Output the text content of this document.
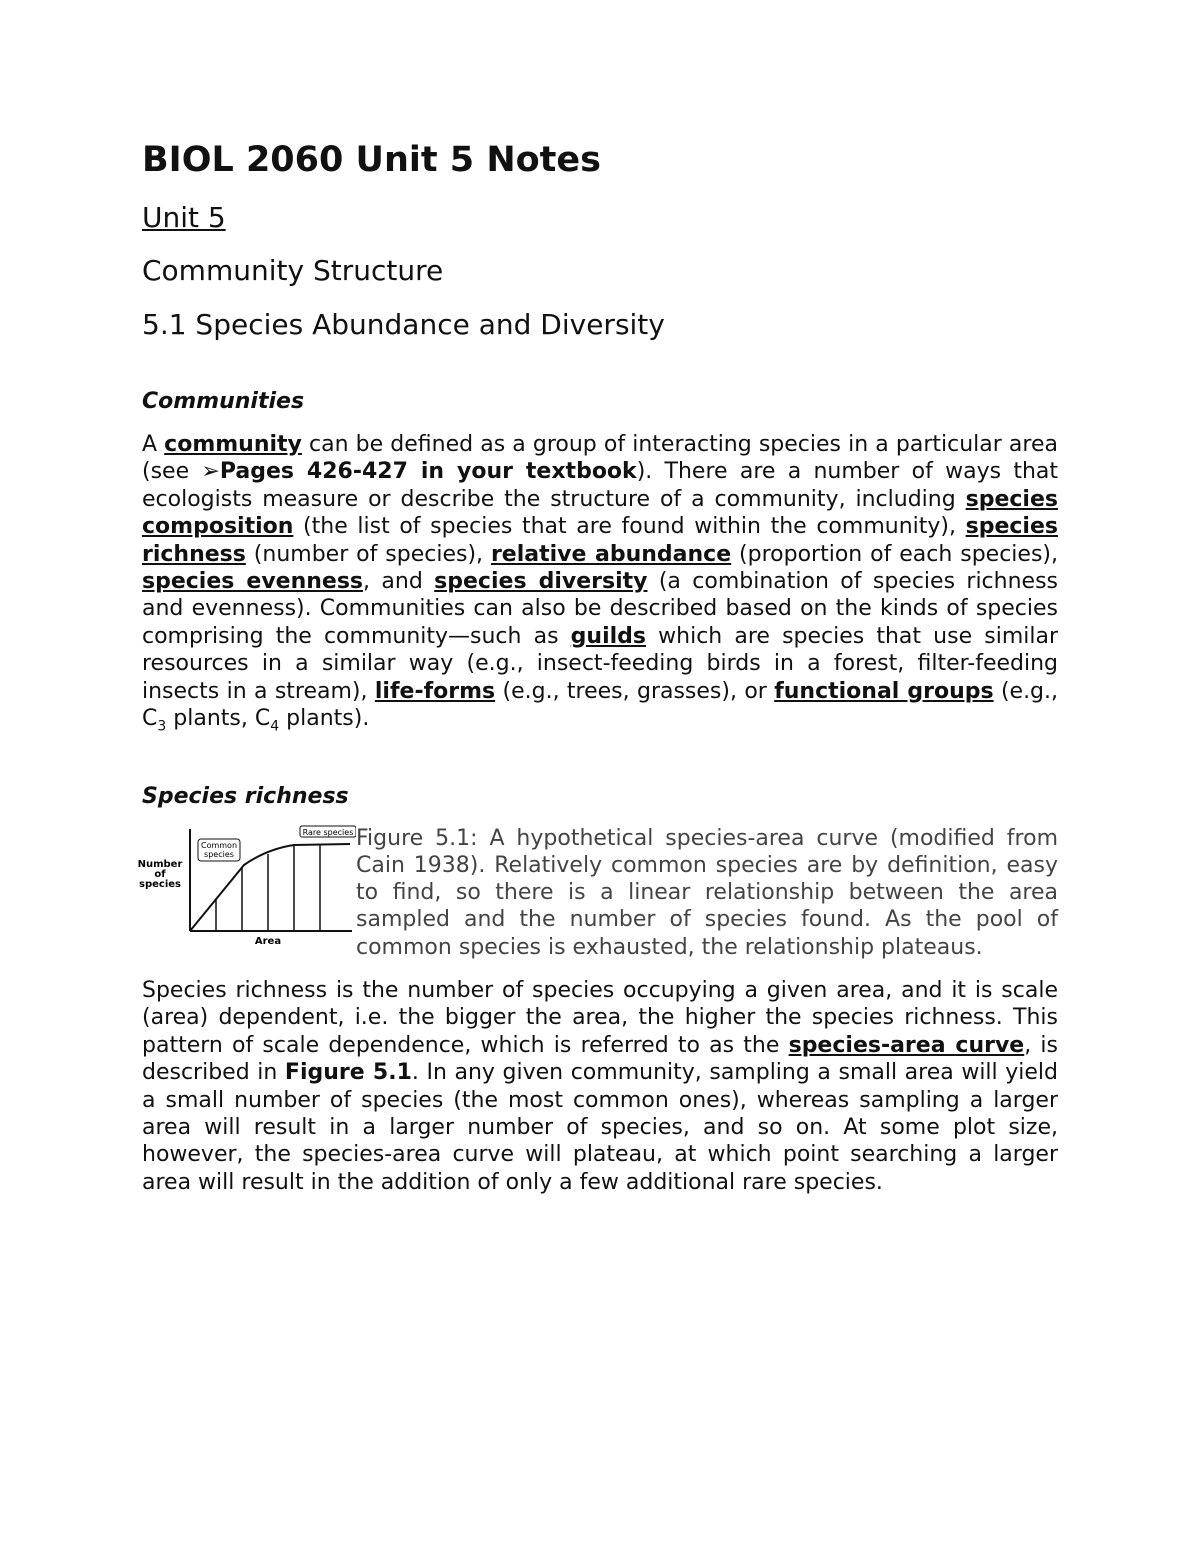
BIOL 2060 Unit 5 Notes
Unit 5
Community Structure
5.1 Species Abundance and Diversity
Communities

A community can be defined as a group of interacting species in a particular area (see ➢Pages 426-427 in your textbook). There are a number of ways that ecologists measure or describe the structure of a community, including species composition (the list of species that are found within the community), species richness (number of species), relative abundance (proportion of each species), species evenness, and species diversity (a combination of species richness and evenness). Communities can also be described based on the kinds of species comprising the community—such as guilds which are species that use similar resources in a similar way (e.g., insect-feeding birds in a forest, filter-feeding insects in a stream), life-forms (e.g., trees, grasses), or functional groups (e.g., $C_3$ plants, $C_4$ plants).

Species richness
Common
species
Rare species
Number
of
species
Area

Figure 5.1: A hypothetical species-area curve (modified from Cain 1938). Relatively common species are by definition, easy to find, so there is a linear relationship between the area sampled and the number of species found. As the pool of common species is exhausted, the relationship plateaus.

Species richness is the number of species occupying a given area, and it is scale (area) dependent, i.e. the bigger the area, the higher the species richness. This pattern of scale dependence, which is referred to as the species-area curve, is described in Figure 5.1. In any given community, sampling a small area will yield a small number of species (the most common ones), whereas sampling a larger area will result in a larger number of species, and so on. At some plot size, however, the species-area curve will plateau, at which point searching a larger area will result in the addition of only a few additional rare species.
